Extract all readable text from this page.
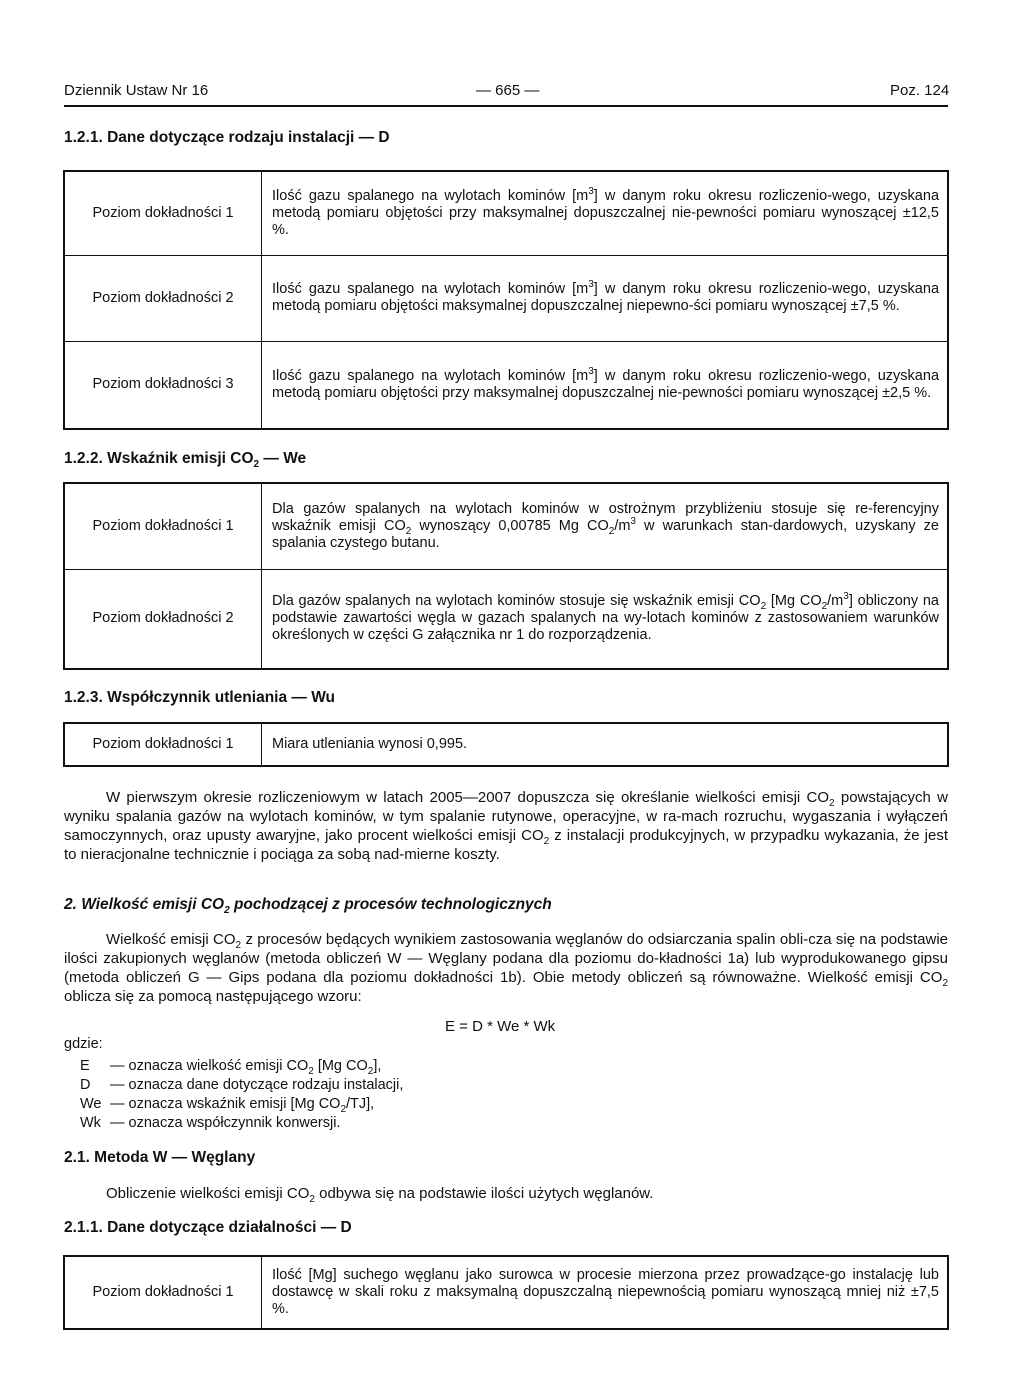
Dziennik Ustaw Nr 16	— 665 —	Poz. 124
1.2.1. Dane dotyczące rodzaju instalacji — D
Poziom dokładności 1	Ilość gazu spalanego na wylotach kominów $[m^3]$ w danym roku okresu rozliczenio-wego, uzyskana metodą pomiaru objętości przy maksymalnej dopuszczalnej nie-pewności pomiaru wynoszącej ±12,5 %.
Poziom dokładności 2	Ilość gazu spalanego na wylotach kominów $[m^3]$ w danym roku okresu rozliczenio-wego, uzyskana metodą pomiaru objętości maksymalnej dopuszczalnej niepewno-ści pomiaru wynoszącej ±7,5 %.
Poziom dokładności 3	Ilość gazu spalanego na wylotach kominów $[m^3]$ w danym roku okresu rozliczenio-wego, uzyskana metodą pomiaru objętości przy maksymalnej dopuszczalnej nie-pewności pomiaru wynoszącej ±2,5 %.
1.2.2. Wskaźnik emisji $CO_2$ — We
Poziom dokładności 1	Dla gazów spalanych na wylotach kominów w ostrożnym przybliżeniu stosuje się re-ferencyjny wskaźnik emisji $CO_2$ wynoszący 0,00785 Mg $CO_2/m^3$ w warunkach stan-dardowych, uzyskany ze spalania czystego butanu.
Poziom dokładności 2	Dla gazów spalanych na wylotach kominów stosuje się wskaźnik emisji $CO_2$ [Mg $CO_2/m^3$] obliczony na podstawie zawartości węgla w gazach spalanych na wy-lotach kominów z zastosowaniem warunków określonych w części G załącznika nr 1 do rozporządzenia.
1.2.3. Współczynnik utleniania — Wu
Poziom dokładności 1	Miara utleniania wynosi 0,995.
W pierwszym okresie rozliczeniowym w latach 2005—2007 dopuszcza się określanie wielkości emisji $CO_2$ powstających w wyniku spalania gazów na wylotach kominów, w tym spalanie rutynowe, operacyjne, w ra-mach rozruchu, wygaszania i wyłączeń samoczynnych, oraz upusty awaryjne, jako procent wielkości emisji $CO_2$ z instalacji produkcyjnych, w przypadku wykazania, że jest to nieracjonalne technicznie i pociąga za sobą nad-mierne koszty.
2. Wielkość emisji $CO_2$ pochodzącej z procesów technologicznych
Wielkość emisji $CO_2$ z procesów będących wynikiem zastosowania węglanów do odsiarczania spalin obli-cza się na podstawie ilości zakupionych węglanów (metoda obliczeń W — Węglany podana dla poziomu do-kładności 1a) lub wyprodukowanego gipsu (metoda obliczeń G — Gips podana dla poziomu dokładności 1b). Obie metody obliczeń są równoważne. Wielkość emisji $CO_2$ oblicza się za pomocą następującego wzoru:
E = D * We * Wk
gdzie:
E — oznacza wielkość emisji $CO_2$ [Mg $CO_2$],
D — oznacza dane dotyczące rodzaju instalacji,
We — oznacza wskaźnik emisji [Mg $CO_2/TJ$],
Wk — oznacza współczynnik konwersji.
2.1. Metoda W — Węglany
Obliczenie wielkości emisji $CO_2$ odbywa się na podstawie ilości użytych węglanów.
2.1.1. Dane dotyczące działalności — D
Poziom dokładności 1	Ilość [Mg] suchego węglanu jako surowca w procesie mierzona przez prowadzące-go instalację lub dostawcę w skali roku z maksymalną dopuszczalną niepewnością pomiaru wynoszącą mniej niż ±7,5 %.
